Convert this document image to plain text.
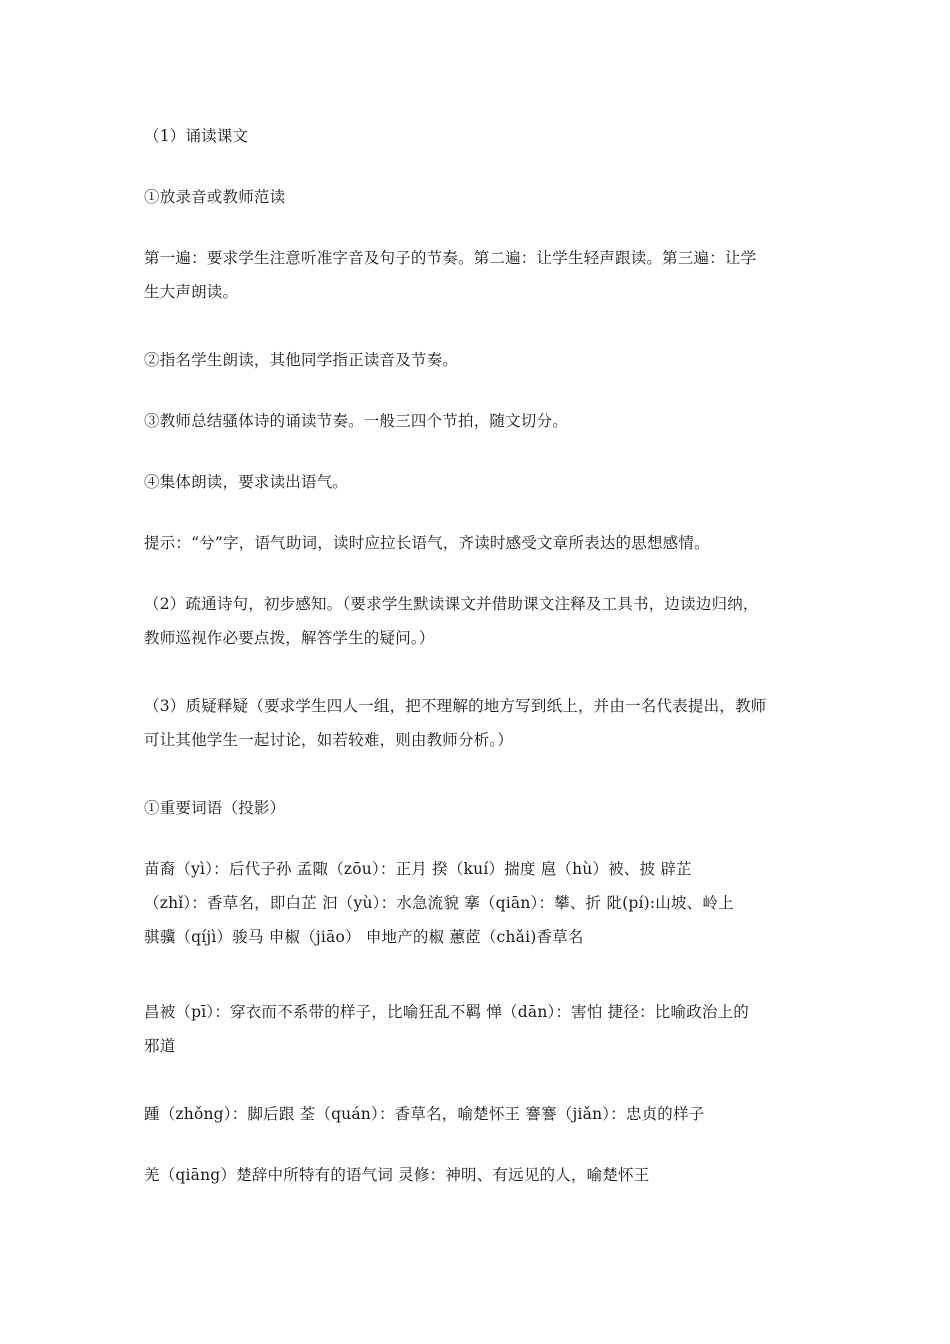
（1）诵读课文

①放录音或教师范读

第一遍：要求学生注意听准字音及句子的节奏。第二遍：让学生轻声跟读。第三遍：让学
生大声朗读。

②指名学生朗读，其他同学指正读音及节奏。

③教师总结骚体诗的诵读节奏。一般三四个节拍，随文切分。

④集体朗读，要求读出语气。

提示：“兮”字，语气助词，读时应拉长语气，齐读时感受文章所表达的思想感情。

（2）疏通诗句，初步感知。（要求学生默读课文并借助课文注释及工具书，边读边归纳，
教师巡视作必要点拨，解答学生的疑问。）

（3）质疑释疑（要求学生四人一组，把不理解的地方写到纸上，并由一名代表提出，教师
可让其他学生一起讨论，如若较难，则由教师分析。）

①重要词语（投影）

苗裔（yì）：后代子孙 孟陬（zōu）：正月 揆（kuí）揣度 扈（hù）被、披 辟芷
（zhǐ）：香草名，即白芷 汩（yù）：水急流貌 搴（qiān）：攀、折 阰(pí):山坡、岭上
骐骥（qíjì）骏马 申椒（jiāo） 申地产的椒 蕙茝（chǎi)香草名

昌被（pī）：穿衣而不系带的样子，比喻狂乱不羁 惮（dān）：害怕 捷径：比喻政治上的
邪道

踵（zhǒng）：脚后跟 荃（quán）：香草名，喻楚怀王 謇謇（jiǎn）：忠贞的样子

羌（qiāng）楚辞中所特有的语气词 灵修：神明、有远见的人，喻楚怀王
